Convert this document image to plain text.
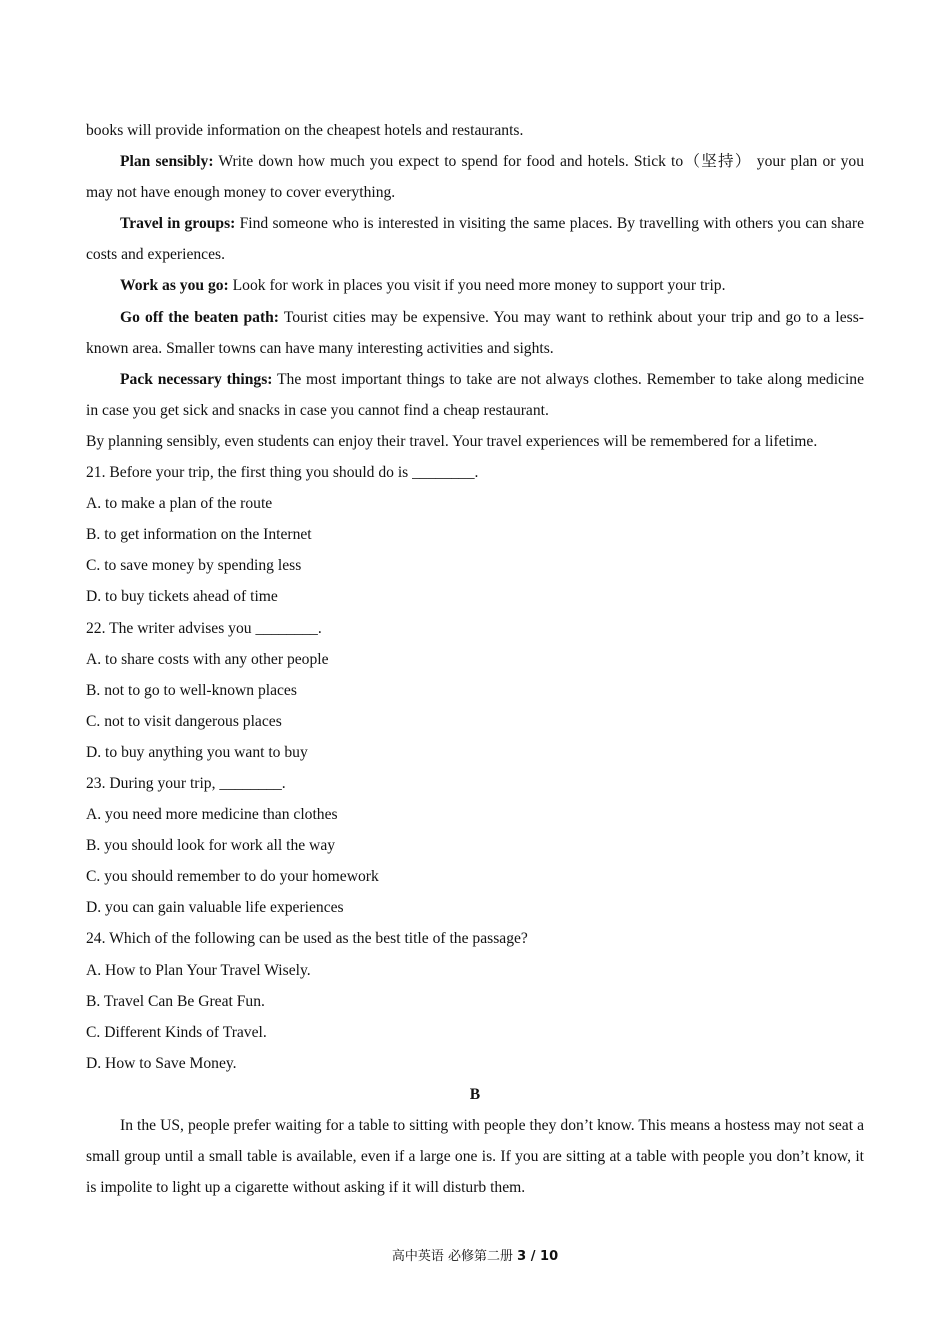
books will provide information on the cheapest hotels and restaurants.

Plan sensibly: Write down how much you expect to spend for food and hotels. Stick to（坚持） your plan or you may not have enough money to cover everything.

Travel in groups: Find someone who is interested in visiting the same places. By travelling with others you can share costs and experiences.

Work as you go: Look for work in places you visit if you need more money to support your trip.

Go off the beaten path: Tourist cities may be expensive. You may want to rethink about your trip and go to a less-known area. Smaller towns can have many interesting activities and sights.

Pack necessary things: The most important things to take are not always clothes. Remember to take along medicine in case you get sick and snacks in case you cannot find a cheap restaurant.

By planning sensibly, even students can enjoy their travel. Your travel experiences will be remembered for a lifetime.

21. Before your trip, the first thing you should do is ________.

A. to make a plan of the route

B. to get information on the Internet

C. to save money by spending less

D. to buy tickets ahead of time

22. The writer advises you ________.

A. to share costs with any other people

B. not to go to well-known places

C. not to visit dangerous places

D. to buy anything you want to buy

23. During your trip, ________.

A. you need more medicine than clothes

B. you should look for work all the way

C. you should remember to do your homework

D. you can gain valuable life experiences

24. Which of the following can be used as the best title of the passage?

A. How to Plan Your Travel Wisely.

B. Travel Can Be Great Fun.

C. Different Kinds of Travel.

D. How to Save Money.

B

In the US, people prefer waiting for a table to sitting with people they don’t know. This means a hostess may not seat a small group until a small table is available, even if a large one is. If you are sitting at a table with people you don’t know, it is impolite to light up a cigarette without asking if it will disturb them.

高中英语 必修第二册 3 / 10
